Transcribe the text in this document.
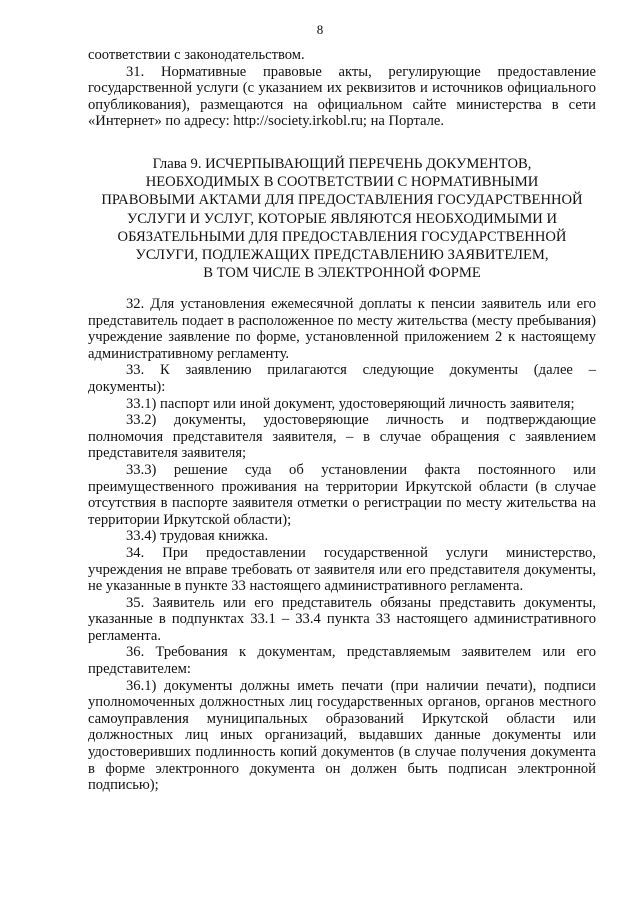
8

соответствии с законодательством.

31. Нормативные правовые акты, регулирующие предоставление государственной услуги (с указанием их реквизитов и источников официального опубликования), размещаются на официальном сайте министерства в сети «Интернет» по адресу: http://society.irkobl.ru; на Портале.

Глава 9. ИСЧЕРПЫВАЮЩИЙ ПЕРЕЧЕНЬ ДОКУМЕНТОВ,
НЕОБХОДИМЫХ В СООТВЕТСТВИИ С НОРМАТИВНЫМИ
ПРАВОВЫМИ АКТАМИ ДЛЯ ПРЕДОСТАВЛЕНИЯ ГОСУДАРСТВЕННОЙ
УСЛУГИ И УСЛУГ, КОТОРЫЕ ЯВЛЯЮТСЯ НЕОБХОДИМЫМИ И
ОБЯЗАТЕЛЬНЫМИ ДЛЯ ПРЕДОСТАВЛЕНИЯ ГОСУДАРСТВЕННОЙ
УСЛУГИ, ПОДЛЕЖАЩИХ ПРЕДСТАВЛЕНИЮ ЗАЯВИТЕЛЕМ,
В ТОМ ЧИСЛЕ В ЭЛЕКТРОННОЙ ФОРМЕ

32. Для установления ежемесячной доплаты к пенсии заявитель или его представитель подает в расположенное по месту жительства (месту пребывания) учреждение заявление по форме, установленной приложением 2 к настоящему административному регламенту.

33. К заявлению прилагаются следующие документы (далее – документы):

33.1) паспорт или иной документ, удостоверяющий личность заявителя;

33.2) документы, удостоверяющие личность и подтверждающие полномочия представителя заявителя, – в случае обращения с заявлением представителя заявителя;

33.3) решение суда об установлении факта постоянного или преимущественного проживания на территории Иркутской области (в случае отсутствия в паспорте заявителя отметки о регистрации по месту жительства на территории Иркутской области);

33.4) трудовая книжка.

34. При предоставлении государственной услуги министерство, учреждения не вправе требовать от заявителя или его представителя документы, не указанные в пункте 33 настоящего административного регламента.

35. Заявитель или его представитель обязаны представить документы, указанные в подпунктах 33.1 – 33.4 пункта 33 настоящего административного регламента.

36. Требования к документам, представляемым заявителем или его представителем:

36.1) документы должны иметь печати (при наличии печати), подписи уполномоченных должностных лиц государственных органов, органов местного самоуправления муниципальных образований Иркутской области или должностных лиц иных организаций, выдавших данные документы или удостоверивших подлинность копий документов (в случае получения документа в форме электронного документа он должен быть подписан электронной подписью);
